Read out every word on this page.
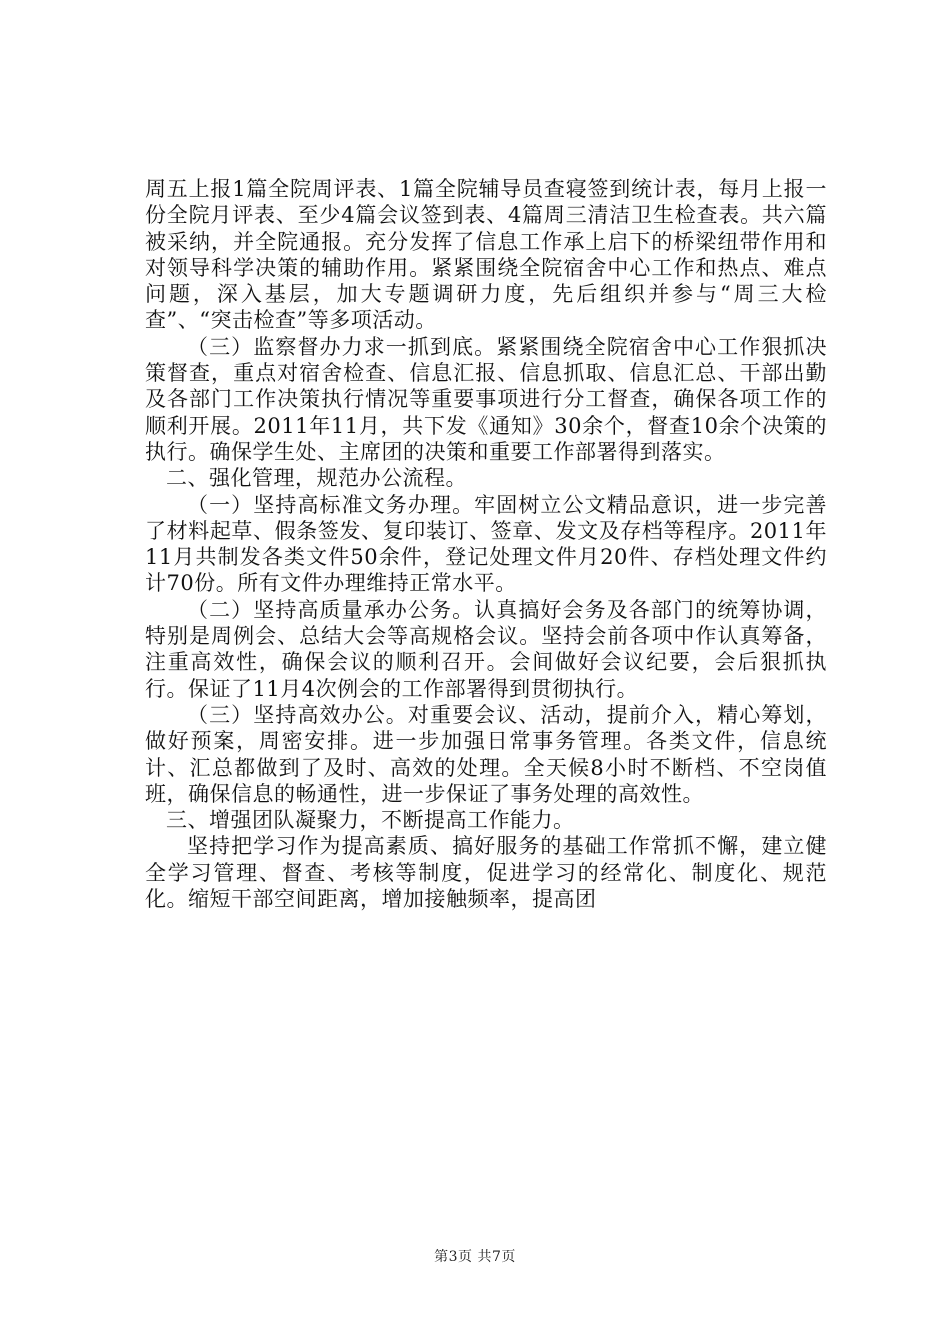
周五上报1篇全院周评表、1篇全院辅导员查寝签到统计表，每月上报一份全院月评表、至少4篇会议签到表、4篇周三清洁卫生检查表。共六篇被采纳，并全院通报。充分发挥了信息工作承上启下的桥梁纽带作用和对领导科学决策的辅助作用。紧紧围绕全院宿舍中心工作和热点、难点问题，深入基层，加大专题调研力度，先后组织并参与“周三大检查”、“突击检查”等多项活动。

（三）监察督办力求一抓到底。紧紧围绕全院宿舍中心工作狠抓决策督查，重点对宿舍检查、信息汇报、信息抓取、信息汇总、干部出勤及各部门工作决策执行情况等重要事项进行分工督查，确保各项工作的顺利开展。2011年11月，共下发《通知》30余个，督查10余个决策的执行。确保学生处、主席团的决策和重要工作部署得到落实。

二、强化管理，规范办公流程。

（一）坚持高标准文务办理。牢固树立公文精品意识，进一步完善了材料起草、假条签发、复印装订、签章、发文及存档等程序。2011年11月共制发各类文件50余件，登记处理文件月20件、存档处理文件约计70份。所有文件办理维持正常水平。

（二）坚持高质量承办公务。认真搞好会务及各部门的统筹协调，特别是周例会、总结大会等高规格会议。坚持会前各项中作认真筹备，注重高效性，确保会议的顺利召开。会间做好会议纪要，会后狠抓执行。保证了11月4次例会的工作部署得到贯彻执行。

（三）坚持高效办公。对重要会议、活动，提前介入，精心筹划，做好预案，周密安排。进一步加强日常事务管理。各类文件，信息统计、汇总都做到了及时、高效的处理。全天候8小时不断档、不空岗值班，确保信息的畅通性，进一步保证了事务处理的高效性。

三、增强团队凝聚力，不断提高工作能力。

坚持把学习作为提高素质、搞好服务的基础工作常抓不懈，建立健全学习管理、督查、考核等制度，促进学习的经常化、制度化、规范化。缩短干部空间距离，增加接触频率，提高团

第3页 共7页
